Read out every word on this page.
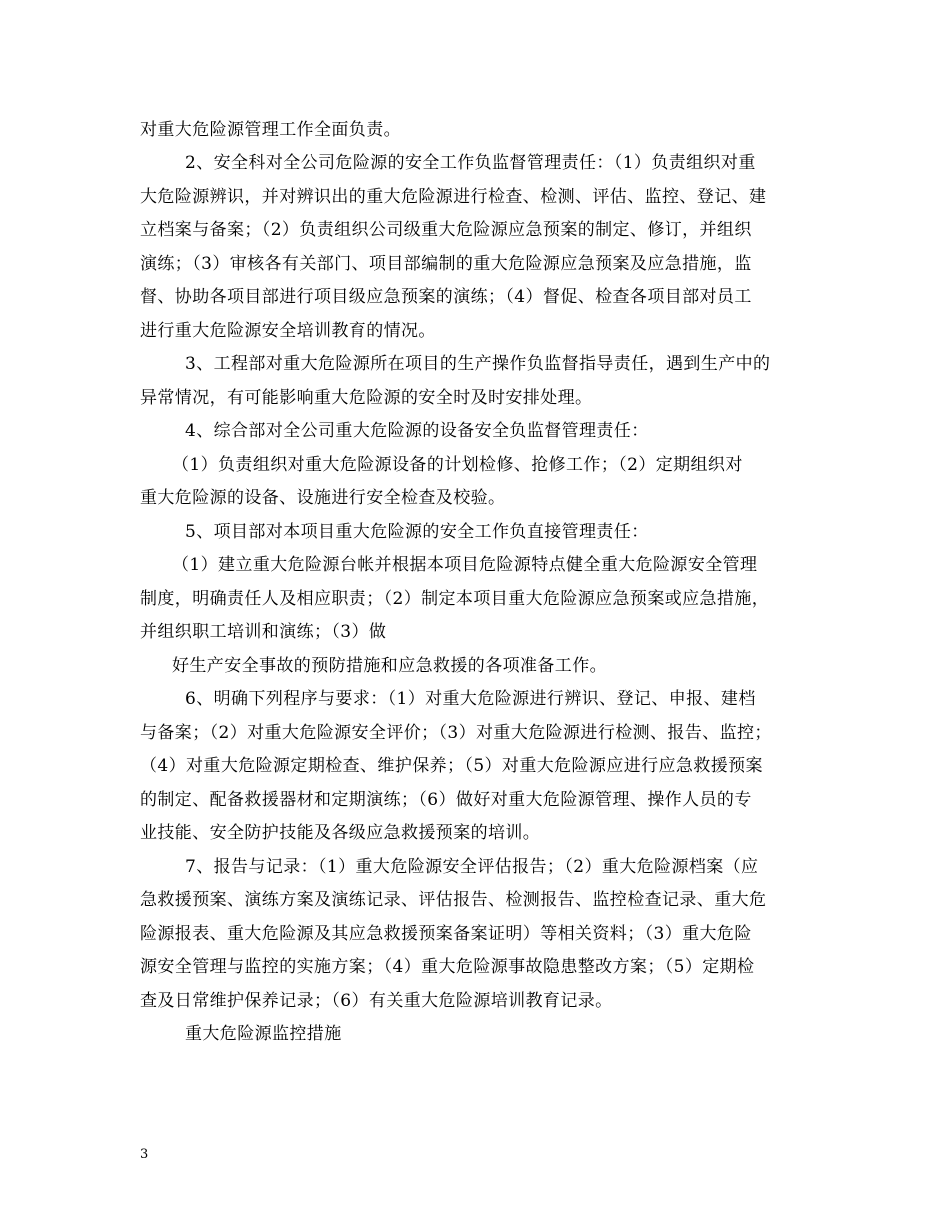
对重大危险源管理工作全面负责。
2、安全科对全公司危险源的安全工作负监督管理责任：（1）负责组织对重
大危险源辨识，并对辨识出的重大危险源进行检查、检测、评估、监控、登记、建
立档案与备案；（2）负责组织公司级重大危险源应急预案的制定、修订，并组织
演练；（3）审核各有关部门、项目部编制的重大危险源应急预案及应急措施，监
督、协助各项目部进行项目级应急预案的演练；（4）督促、检查各项目部对员工
进行重大危险源安全培训教育的情况。
3、工程部对重大危险源所在项目的生产操作负监督指导责任，遇到生产中的
异常情况，有可能影响重大危险源的安全时及时安排处理。
4、综合部对全公司重大危险源的设备安全负监督管理责任：
（1）负责组织对重大危险源设备的计划检修、抢修工作；（2）定期组织对
重大危险源的设备、设施进行安全检查及校验。
5、项目部对本项目重大危险源的安全工作负直接管理责任：
（1）建立重大危险源台帐并根据本项目危险源特点健全重大危险源安全管理
制度，明确责任人及相应职责；（2）制定本项目重大危险源应急预案或应急措施，
并组织职工培训和演练；（3）做
好生产安全事故的预防措施和应急救援的各项准备工作。
6、明确下列程序与要求：（1）对重大危险源进行辨识、登记、申报、建档
与备案；（2）对重大危险源安全评价；（3）对重大危险源进行检测、报告、监控；
（4）对重大危险源定期检查、维护保养；（5）对重大危险源应进行应急救援预案
的制定、配备救援器材和定期演练；（6）做好对重大危险源管理、操作人员的专
业技能、安全防护技能及各级应急救援预案的培训。
7、报告与记录：（1）重大危险源安全评估报告；（2）重大危险源档案（应
急救援预案、演练方案及演练记录、评估报告、检测报告、监控检查记录、重大危
险源报表、重大危险源及其应急救援预案备案证明）等相关资料；（3）重大危险
源安全管理与监控的实施方案；（4）重大危险源事故隐患整改方案；（5）定期检
查及日常维护保养记录；（6）有关重大危险源培训教育记录。
重大危险源监控措施
3
